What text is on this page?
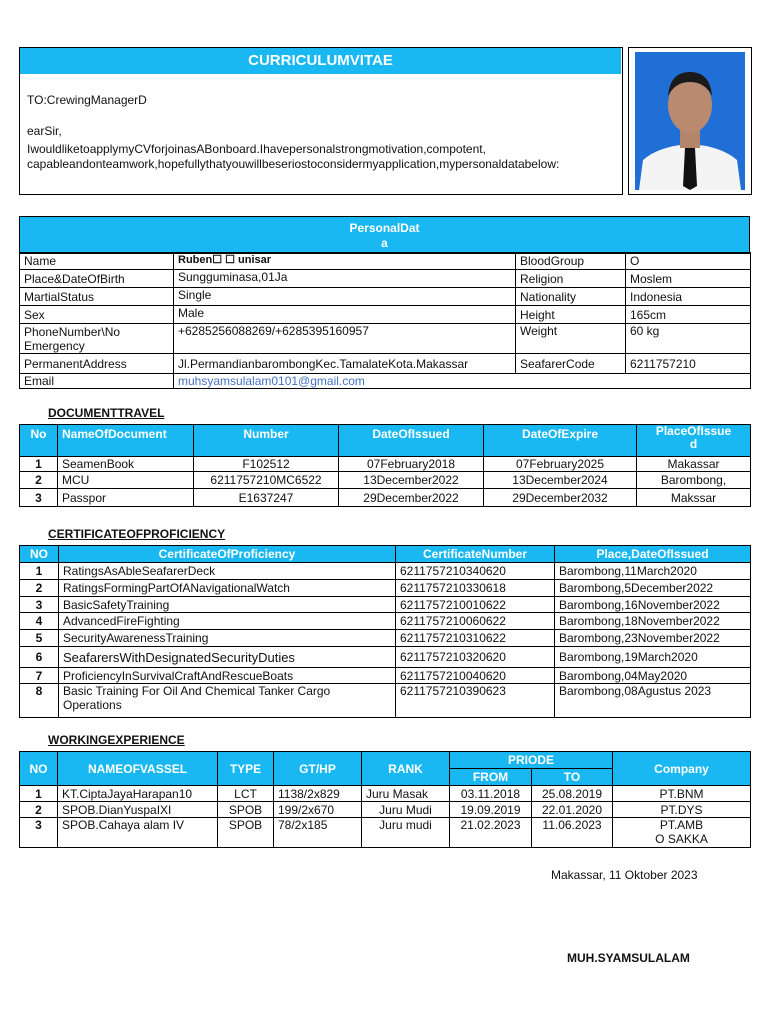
CURRICULUMVITAE
TO:CrewingManagerD
earSir,
IwouldliketoapplymyCVforjoinasABonboard.Ihavepersonalstrongmotivation,compotent,
capableandonteamwork,hopefullythatyouwillbeseriostoconsidermyapplication,mypersonaldatabelow:
PersonalDat
a
Name	Ruben☐ ☐ unisar	BloodGroup	O
Place&DateOfBirth	Sungguminasa,01Ja	Religion	Moslem
MartialStatus	Single	Nationality	Indonesia
Sex	Male	Height	165cm

PhoneNumber\No
Emergency	+6285256088269/+6285395160957	Weight	60 kg
PermanentAddress	Jl.PermandianbarombongKec.TamalateKota.Makassar	SeafarerCode	6211757210
Email	muhsyamsulalam0101@gmail.com		
DOCUMENTTRAVEL
No	NameOfDocument	Number	DateOfIssued	DateOfExpire	PlaceOfIssue
d

1	SeamenBook	F102512	07February2018	07February2025	Makassar
2	MCU	6211757210MC6522	13December2022	13December2024	Barombong,
3	Passpor	E1637247	29December2022	29December2032	Makssar
CERTIFICATEOFPROFICIENCY
NO	CertificateOfProficiency	CertificateNumber	Place,DateOfIssued
1	RatingsAsAbleSeafarerDeck	6211757210340620	Barombong,11March2020
2	RatingsFormingPartOfANavigationalWatch	6211757210330618	Barombong,5December2022
3	BasicSafetyTraining	6211757210010622	Barombong,16November2022
4	AdvancedFireFighting	6211757210060622	Barombong,18November2022
5	SecurityAwarenessTraining	6211757210310622	Barombong,23November2022
6	SeafarersWithDesignatedSecurityDuties	6211757210320620	Barombong,19March2020
7	ProficiencyInSurvivalCraftAndRescueBoats	6211757210040620	Barombong,04May2020
8	Basic Training For Oil And Chemical Tanker Cargo Operations	6211757210390623	Barombong,08Agustus 2023
WORKINGEXPERIENCE
NO	NAMEOFVASSEL	TYPE	GT/HP	RANK	PRIODE		Company
					FROM	TO	
1	KT.CiptaJayaHarapan10	LCT	1138/2x829	Juru Masak	03.11.2018	25.08.2019	PT.BNM
2	SPOB.DianYuspaIXI	SPOB	199/2x670	Juru Mudi	19.09.2019	22.01.2020	PT.DYS
3	SPOB.Cahaya alam IV	SPOB	78/2x185	Juru mudi	21.02.2023	11.06.2023	PT.AMB
O SAKKA
Makassar, 11 Oktober 2023
MUH.SYAMSULALAM
